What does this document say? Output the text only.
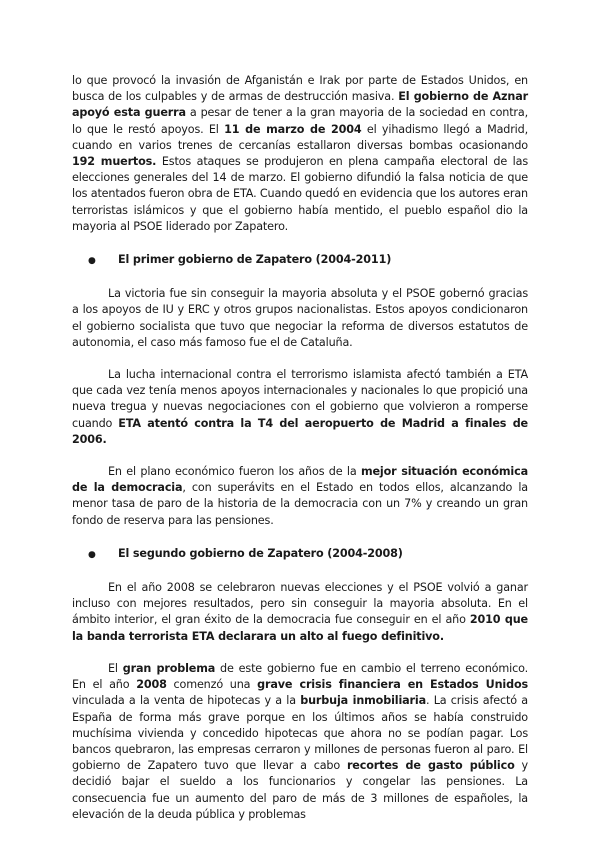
lo que provocó la invasión de Afganistán e Irak por parte de Estados Unidos, en busca de los culpables y de armas de destrucción masiva. El gobierno de Aznar apoyó esta guerra a pesar de tener a la gran mayoria de la sociedad en contra, lo que le restó apoyos. El 11 de marzo de 2004 el yihadismo llegó a Madrid, cuando en varios trenes de cercanías estallaron diversas bombas ocasionando 192 muertos. Estos ataques se produjeron en plena campaña electoral de las elecciones generales del 14 de marzo. El gobierno difundió la falsa noticia de que los atentados fueron obra de ETA. Cuando quedó en evidencia que los autores eran terroristas islámicos y que el gobierno había mentido, el pueblo español dio la mayoria al PSOE liderado por Zapatero.

●	El primer gobierno de Zapatero (2004-2011)

La victoria fue sin conseguir la mayoria absoluta y el PSOE gobernó gracias a los apoyos de IU y ERC y otros grupos nacionalistas. Estos apoyos condicionaron el gobierno socialista que tuvo que negociar la reforma de diversos estatutos de autonomia, el caso más famoso fue el de Cataluña.

La lucha internacional contra el terrorismo islamista afectó también a ETA que cada vez tenía menos apoyos internacionales y nacionales lo que propició una nueva tregua y nuevas negociaciones con el gobierno que volvieron a romperse cuando ETA atentó contra la T4 del aeropuerto de Madrid a finales de 2006.

En el plano económico fueron los años de la mejor situación económica de la democracia, con superávits en el Estado en todos ellos, alcanzando la menor tasa de paro de la historia de la democracia con un 7% y creando un gran fondo de reserva para las pensiones.

●	El segundo gobierno de Zapatero (2004-2008)

En el año 2008 se celebraron nuevas elecciones y el PSOE volvió a ganar incluso con mejores resultados, pero sin conseguir la mayoria absoluta. En el ámbito interior, el gran éxito de la democracia fue conseguir en el año 2010 que la banda terrorista ETA declarara un alto al fuego definitivo.

El gran problema de este gobierno fue en cambio el terreno económico. En el año 2008 comenzó una grave crisis financiera en Estados Unidos vinculada a la venta de hipotecas y a la burbuja inmobiliaria. La crisis afectó a España de forma más grave porque en los últimos años se había construido muchísima vivienda y concedido hipotecas que ahora no se podían pagar. Los bancos quebraron, las empresas cerraron y millones de personas fueron al paro. El gobierno de Zapatero tuvo que llevar a cabo recortes de gasto público y decidió bajar el sueldo a los funcionarios y congelar las pensiones. La consecuencia fue un aumento del paro de más de 3 millones de españoles, la elevación de la deuda pública y problemas
